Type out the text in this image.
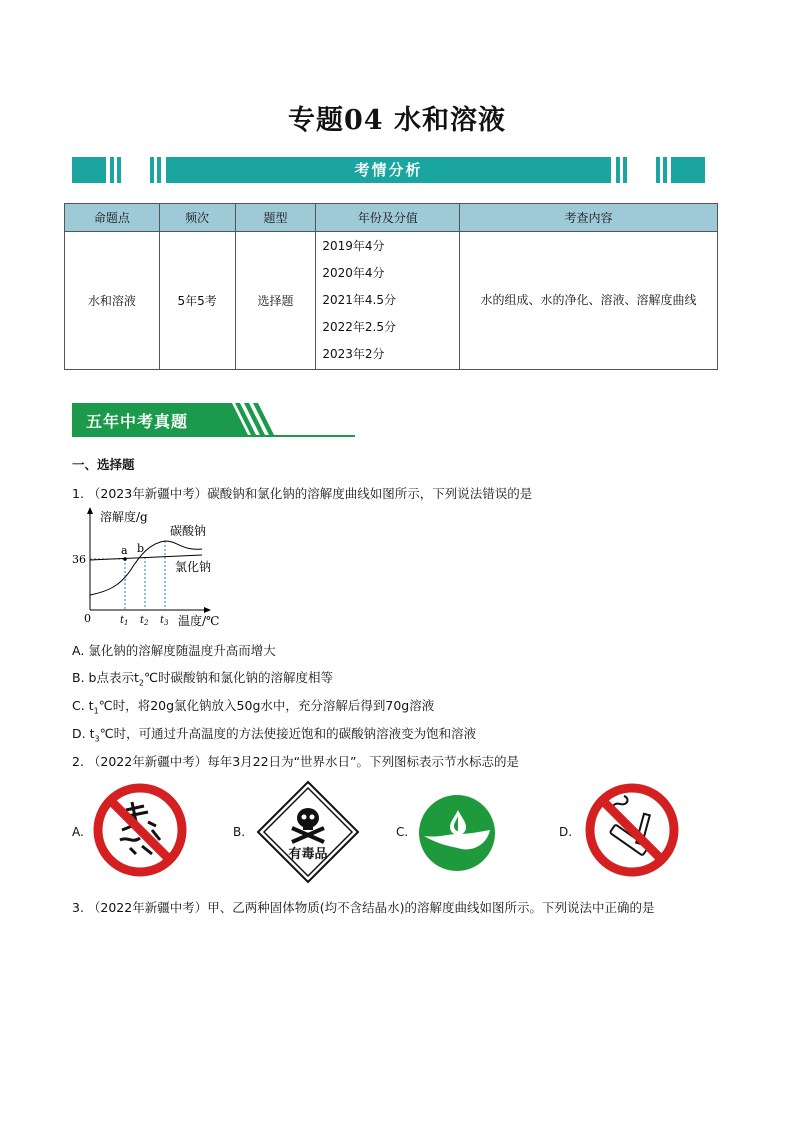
专题04 水和溶液
考情分析
命题点	频次	题型	年份及分值	考查内容
水和溶液	5年5考	选择题	2019年4分
2020年4分
2021年4.5分
2022年2.5分
2023年2分	水的组成、水的净化、溶液、溶解度曲线
五年中考真题
一、选择题
1. （2023年新疆中考）碳酸钠和氯化钠的溶解度曲线如图所示，下列说法错误的是
溶解度/g
36
0
a b
碳酸钠
氯化钠
$t_1$ $t_2$ $t_3$ 温度/℃
A. 氯化钠的溶解度随温度升高而增大
B. b点表示$t_2℃$时碳酸钠和氯化钠的溶解度相等
C. $t_1℃$时，将20g氯化钠放入50g水中，充分溶解后得到70g溶液
D. $t_3℃$时，可通过升高温度的方法使接近饱和的碳酸钠溶液变为饱和溶液
2. （2022年新疆中考）每年3月22日为“世界水日”。下列图标表示节水标志的是
A.	B.
有毒品
C.	D.
3. （2022年新疆中考）甲、乙两种固体物质(均不含结晶水)的溶解度曲线如图所示。下列说法中正确的是
